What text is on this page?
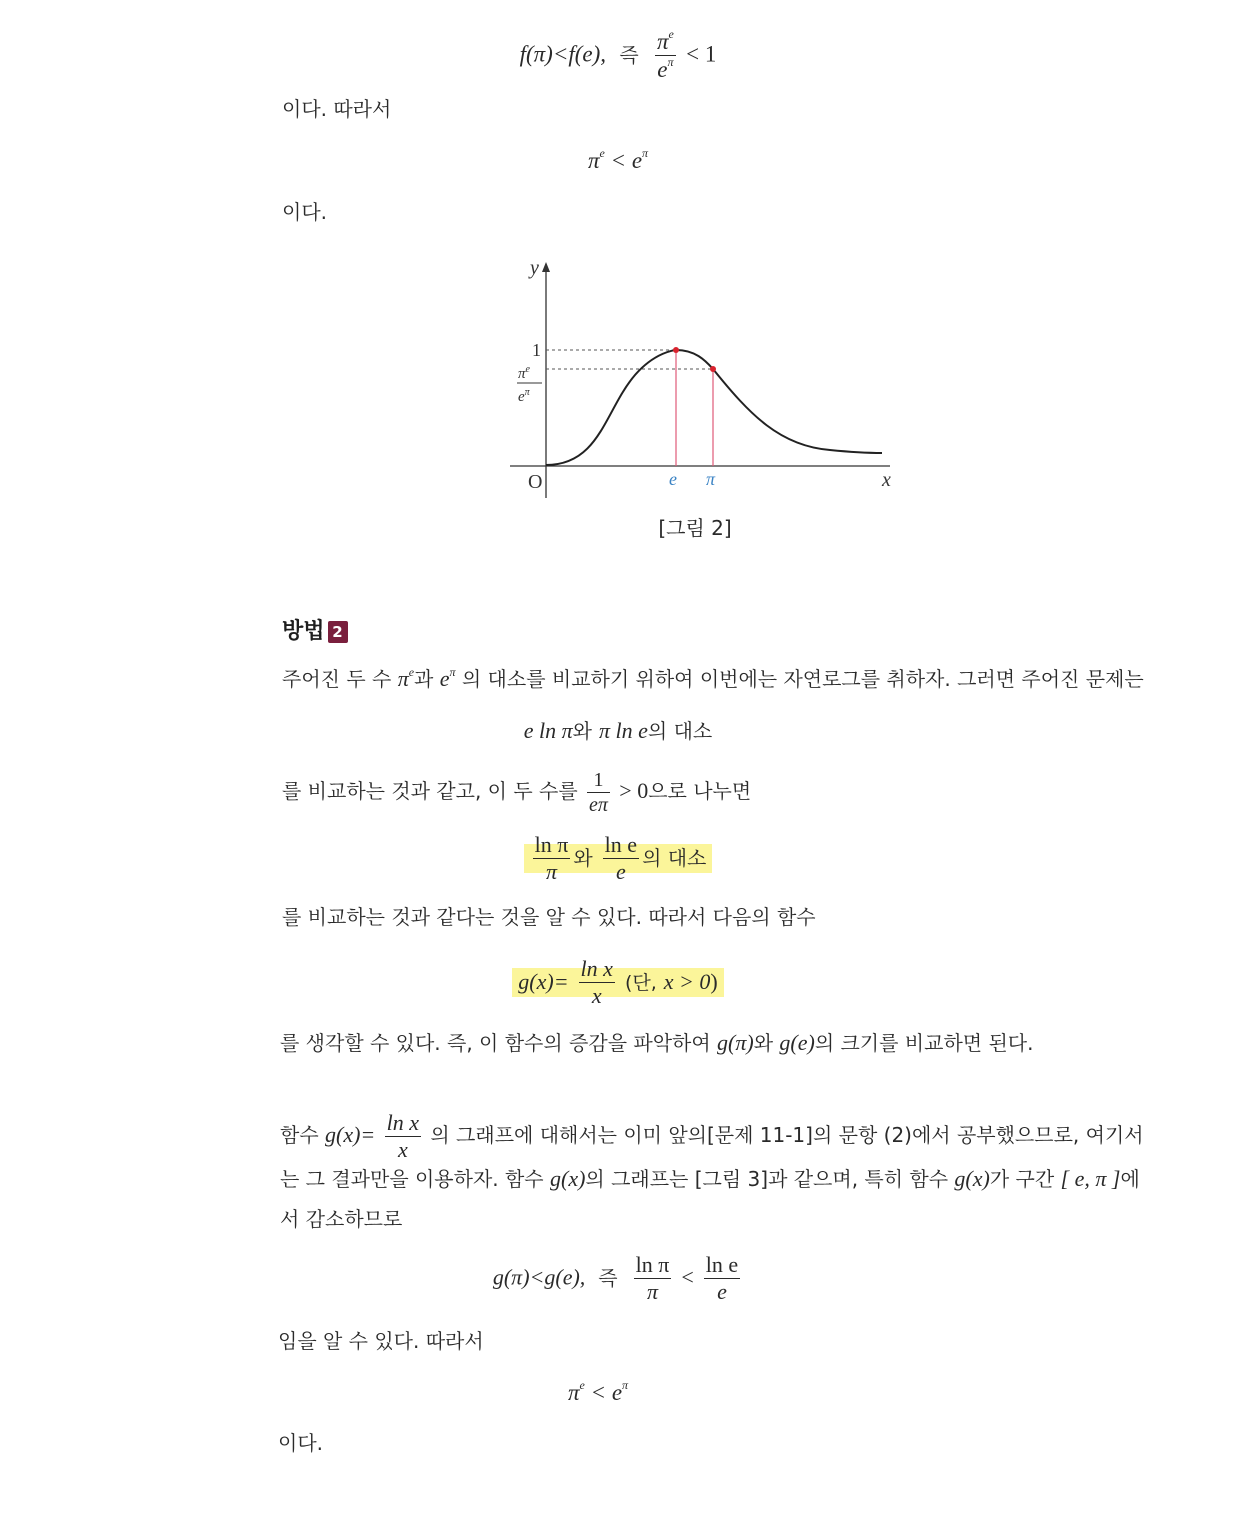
f(π)<f(e), 즉 $\frac{\pi^e}{e^\pi} < 1$
이다. 따라서
$\pi^e < e^\pi$
이다.
y
x
O
1
$\pi^e$
$e^\pi$
e π
[그림 2]
방법 2
주어진 두 수 $\pi^e$과 $e^\pi$ 의 대소를 비교하기 위하여 이번에는 자연로그를 취하자. 그러면 주어진 문제는
e ln π와 π ln e의 대소
를 비교하는 것과 같고, 이 두 수를 $\frac{1}{e\pi} > 0$으로 나누면
$\frac{\text{ln π}}{\pi}$ 와 $\frac{\text{ln e}}{e}$ 의 대소
를 비교하는 것과 같다는 것을 알 수 있다. 따라서 다음의 함수
$g(x)= \frac{\text{ln x}}{x}$ (단, x > 0)
를 생각할 수 있다. 즉, 이 함수의 증감을 파악하여 g(π)와 g(e)의 크기를 비교하면 된다.
함수 $g(x)= \frac{\text{ln x}}{x}$ 의 그래프에 대해서는 이미 앞의[문제 11-1]의 문항 (2)에서 공부했으므로, 여기서
는 그 결과만을 이용하자. 함수 g(x)의 그래프는 [그림 3]과 같으며, 특히 함수 g(x)가 구간 [ e, π ]에
서 감소하므로
g(π)<g(e), 즉 $\frac{\text{ln π}}{\pi} < \frac{\text{ln e}}{e}$
임을 알 수 있다. 따라서
$\pi^e < e^\pi$
이다.
